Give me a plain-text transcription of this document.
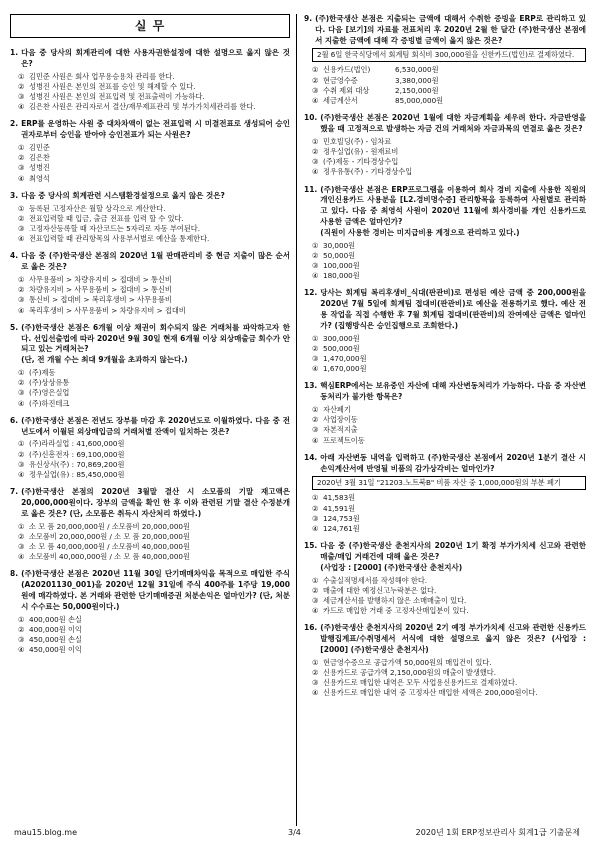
실 무
1. 다음 중 당사의 회계관리에 대한 사용자권한설정에 대한 설명으로 옳지 않은 것은?
① 김민준 사원은 회사 업무용승용차 관리를 한다.
② 성병진 사원은 본인의 전표를 승인 및 해제할 수 있다.
③ 성병진 사원은 본인의 전표입력 및 전표출력이 가능하다.
④ 김은찬 사원은 관리자로서 결산/재무제표관리 및 부가가치세관리를 한다.
2. ERP를 운영하는 사원 중 대차차액이 없는 전표입력 시 미결전표로 생성되어 승인권자로부터 승인을 받아야 승인전표가 되는 사원은?
① 김민준
② 김은찬
③ 성병진
④ 최영석
3. 다음 중 당사의 회계관련 시스템환경설정으로 옳지 않은 것은?
① 등록된 고정자산은 월할 상각으로 계산한다.
② 전표입력할 때 입금, 출금 전표를 입력 할 수 있다.
③ 고정자산등록할 때 자산코드는 5자리로 자동 부여된다.
④ 전표입력할 때 관리항목의 사용부서별로 예산을 통제한다.
4. 다음 중 (주)한국생산 본점의 2020년 1월 판매관리비 중 현금 지출이 많은 순서로 옳은 것은?
① 사무용품비 > 차량유지비 > 접대비 > 통신비
② 차량유지비 > 사무용품비 > 접대비 > 통신비
③ 통신비 > 접대비 > 복리후생비 > 사무용품비
④ 복리후생비 > 사무용품비 > 차량유지비 > 접대비
5. (주)한국생산 본점은 6개월 이상 채권이 회수되지 않은 거래처를 파악하고자 한다. 선입선출법에 따라 2020년 9월 30일 현재 6개월 이상 외상매출금 회수가 안 되고 있는 거래처는?
(단, 전 개월 수는 최대 9개월을 초과하지 않는다.)
① (주)제동
② (주)상상유통
③ (주)영은실업
④ (주)하진테크
6. (주)한국생산 본점은 전년도 장부를 마감 후 2020년도로 이월하였다. 다음 중 전년도에서 이월된 외상매입금의 거래처별 잔액이 일치하는 것은?
① (주)라라실업 : 41,600,000원
② (주)신흥전자 : 69,100,000원
③ 유신상사(주) : 70,869,200원
④ 정우실업(유) : 85,450,000원
7. (주)한국생산 본점의 2020년 3월말 결산 시 소모품의 기말 재고액은 20,000,000원이다. 장부의 금액을 확인 한 후 이와 관련된 기말 결산 수정분개로 옳은 것은? (단, 소모품은 취득시 자산처리 하였다.)
① 소 모 품 20,000,000원 / 소모품비 20,000,000원
② 소모품비 20,000,000원 / 소 모 품 20,000,000원
③ 소 모 품 40,000,000원 / 소모품비 40,000,000원
④ 소모품비 40,000,000원 / 소 모 품 40,000,000원
8. (주)한국생산 본점은 2020년 11월 30일 단기매매차익을 목적으로 매입한 주식(A20201130_001)을 2020년 12월 31일에 주식 400주를 1주당 19,000원에 매각하였다. 본 거래와 관련한 단기매매증권 처분손익은 얼마인가? (단, 처분 시 수수료는 50,000원이다.)
① 400,000원 손실
② 400,000원 이익
③ 450,000원 손실
④ 450,000원 이익
9. (주)한국생산 본점은 지출되는 금액에 대해서 수취한 증빙을 ERP로 관리하고 있다. 다음 [보기]의 자료를 전표처리 후 2020년 2월 한 달간 (주)한국생산 본점에서 지출한 금액에 대해 각 증빙별 금액이 옳지 않은 것은?
2월 6일 한국식당에서 회계팀 회식비 300,000원을 신한카드(법인)로 결제하였다.
① 신용카드(법인)	6,530,000원
② 현금영수증	3,380,000원
③ 수취 제외 대상	2,150,000원
④ 세금계산서	85,000,000원
10. (주)한국생산 본점은 2020년 1월에 대한 자금계획을 세우려 한다. 자금반영을 했을 때 고정적으로 발생하는 자금 건의 거래처와 자금과목의 연결로 옳은 것은?
① 민호빌딩(주) - 임차료
② 정우실업(유) - 원재료비
③ (주)제동 - 기타경상수입
④ 정우유통(주) - 기타경상수입
11. (주)한국생산 본점은 ERP프로그램을 이용하여 회사 경비 지출에 사용한 직원의 개인신용카드 사용분을 [L2.경비명수증] 관리항목을 등록하여 사원별로 관리하고 있다. 다음 중 최영석 사원이 2020년 11월에 회사경비를 개인 신용카드로 사용한 금액은 얼마인가?
(직원이 사용한 경비는 미지급비용 계정으로 관리하고 있다.)
① 30,000원
② 50,000원
③ 100,000원
④ 180,000원
12. 당사는 회계팀 복리후생비_식대(판관비)로 편성된 예산 금액 중 200,000원을 2020년 7월 5일에 회계팀 접대비(판관비)로 예산을 전용하기로 했다. 예산 전용 작업을 직접 수행한 후 7월 회계팀 접대비(판관비)의 잔여예산 금액은 얼마인가? (집행방식은 승인집행으로 조회한다.)
① 300,000원
② 500,000원
③ 1,470,000원
④ 1,670,000원
13. 핵심ERP에서는 보유중인 자산에 대해 자산변동처리가 가능하다. 다음 중 자산변동처리가 불가한 항목은?
① 자산폐기
② 사업장이동
③ 자본적지출
④ 프로젝트이동
14. 아래 자산변동 내역을 입력하고 (주)한국생산 본점에서 2020년 1분기 결산 시 손익계산서에 반영될 비품의 감가상각비는 얼마인가?
2020년 3월 31일 "21203.노트북B" 비품 자산 중 1,000,000원의 부분 폐기
① 41,583원
② 41,591원
③ 124,753원
④ 124,761원
15. 다음 중 (주)한국생산 춘천지사의 2020년 1기 확정 부가가치세 신고와 관련한 매출/매입 거래건에 대해 옳은 것은?
(사업장 : [2000] (주)한국생산 춘천지사)
① 수출실적명세서를 작성해야 한다.
② 매출에 대한 예정신고누락분은 없다.
③ 세금계산서를 발행하지 않은 소매매출이 있다.
④ 카드로 매입한 거래 중 고정자산매입분이 있다.
16. (주)한국생산 춘천지사의 2020년 2기 예정 부가가치세 신고와 관련한 신용카드발행집계표/수취명세서 서식에 대한 설명으로 옳지 않은 것은? (사업장 : [2000] (주)한국생산 춘천지사)
① 현금영수증으로 공급가액 50,000원의 매입건이 있다.
② 신용카드로 공급가액 2,150,000원의 매출이 발생했다.
③ 신용카드로 매입한 내역은 모두 사업용신용카드로 결제하였다.
④ 신용카드로 매입한 내역 중 고정자산 매입한 세액은 200,000원이다.
mau15.blog.me	3/4	2020년 1회 ERP정보관리사 회계1급 기출문제
